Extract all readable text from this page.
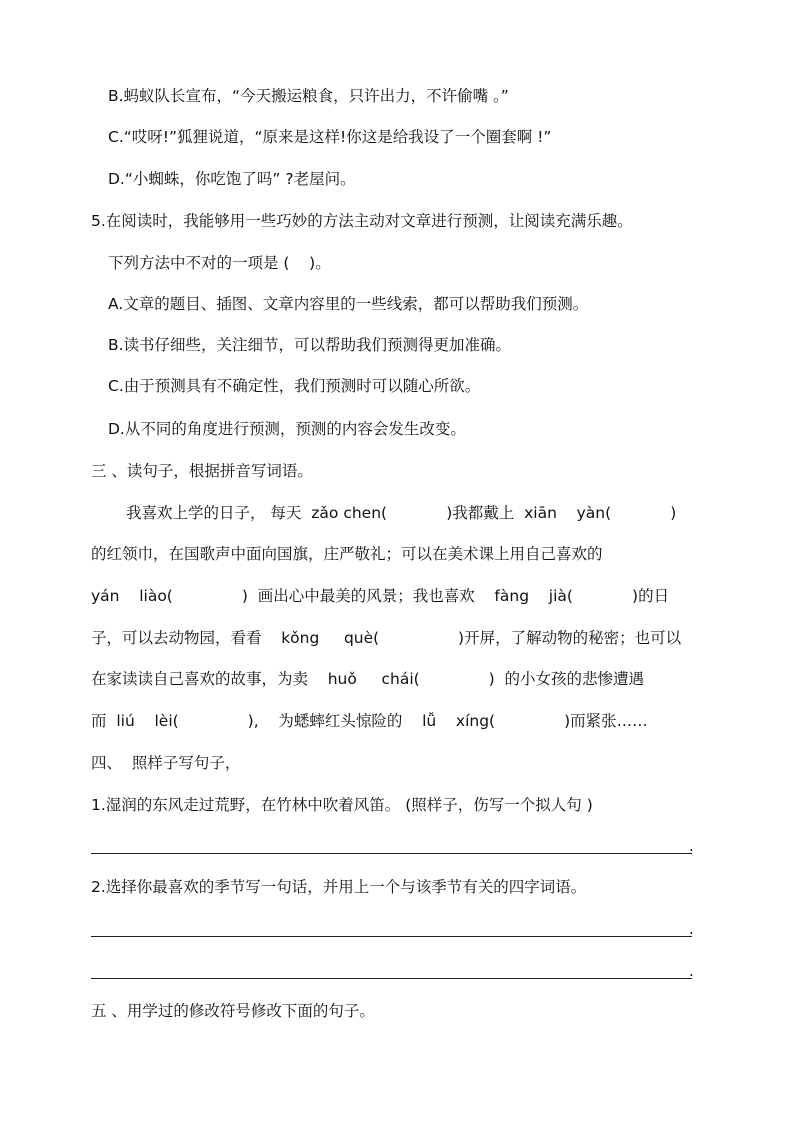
B.蚂蚁队长宣布，“今天搬运粮食，只许出力，不许偷嘴 。”
C.“哎呀!”狐狸说道，“原来是这样!你这是给我设了一个圈套啊 !”
D.“小蜘蛛，你吃饱了吗” ?老屋问。
5.在阅读时，我能够用一些巧妙的方法主动对文章进行预测，让阅读充满乐趣。
下列方法中不对的一项是 (    )。
A.文章的题目、插图、文章内容里的一些线索，都可以帮助我们预测。
B.读书仔细些，关注细节，可以帮助我们预测得更加准确。
C.由于预测具有不确定性，我们预测时可以随心所欲。
D.从不同的角度进行预测，预测的内容会发生改变。
三 、读句子，根据拼音写词语。
我喜欢上学的日子， 每天  zǎo chen(            )我都戴上  xiān    yàn(            )
的红领巾，在国歌声中面向国旗，庄严敬礼；可以在美术课上用自己喜欢的
yán    liào(              )  画出心中最美的风景；我也喜欢    fàng    jià(            )的日
子，可以去动物园，看看    kǒng     què(                )开屏，了解动物的秘密；也可以
在家读读自己喜欢的故事，为卖    huǒ     chái(              )  的小女孩的悲惨遭遇
而  liú    lèi(              ),    为蟋蟀红头惊险的    lǚ    xíng(              )而紧张……
四、  照样子写句子，
1.湿润的东风走过荒野，在竹林中吹着风笛。 (照样子，伤写一个拟人句 )
.
2.选择你最喜欢的季节写一句话，并用上一个与该季节有关的四字词语。
.
.
五 、用学过的修改符号修改下面的句子。
